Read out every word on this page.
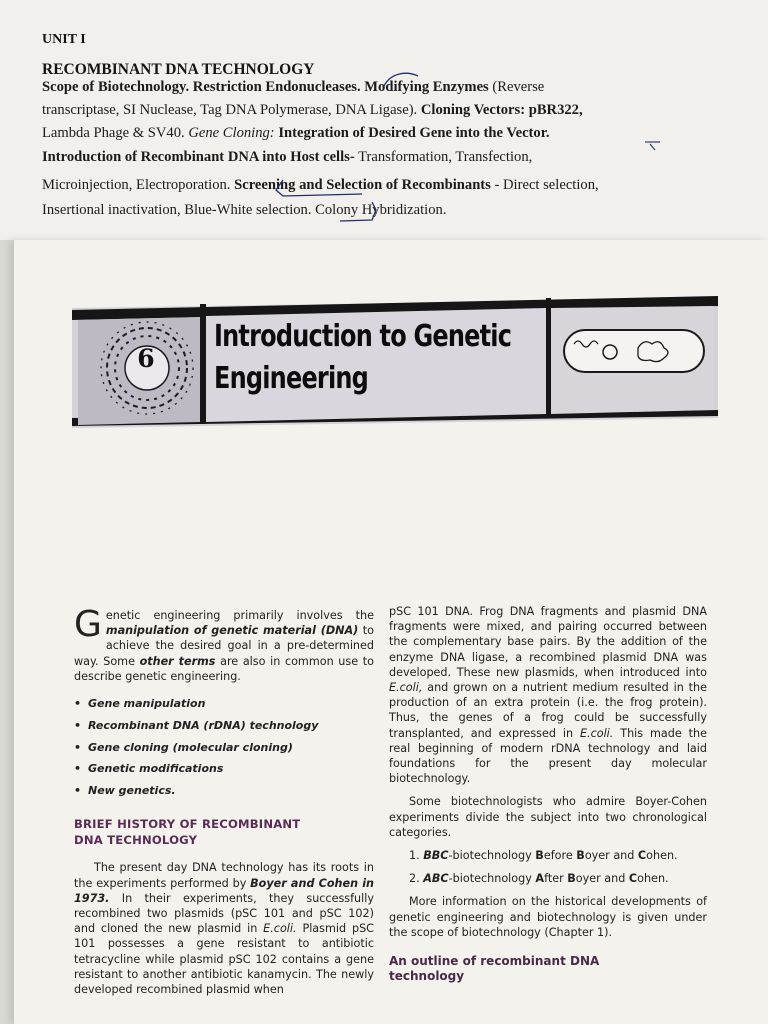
UNIT I
RECOMBINANT DNA TECHNOLOGY
Scope of Biotechnology. Restriction Endonucleases. Modifying Enzymes (Reverse
transcriptase, SI Nuclease, Tag DNA Polymerase, DNA Ligase). Cloning Vectors: pBR322,
Lambda Phage & SV40. Gene Cloning: Integration of Desired Gene into the Vector.
Introduction of Recombinant DNA into Host cells- Transformation, Transfection,
Microinjection, Electroporation. Screening and Selection of Recombinants - Direct selection,
Insertional inactivation, Blue-White selection. Colony Hybridization.
6
Introduction to Genetic
Engineering

G enetic engineering primarily involves the manipulation of genetic material (DNA) to achieve the desired goal in a pre-determined way. Some other terms are also in common use to describe genetic engineering.

• Gene manipulation
• Recombinant DNA (rDNA) technology
• Gene cloning (molecular cloning)
• Genetic modifications
• New genetics.
BRIEF HISTORY OF RECOMBINANT
DNA TECHNOLOGY

The present day DNA technology has its roots in the experiments performed by Boyer and Cohen in 1973. In their experiments, they successfully recombined two plasmids (pSC 101 and pSC 102) and cloned the new plasmid in E.coli. Plasmid pSC 101 possesses a gene resistant to antibiotic tetracycline while plasmid pSC 102 contains a gene resistant to another antibiotic kanamycin. The newly developed recombined plasmid when

pSC 101 DNA. Frog DNA fragments and plasmid DNA fragments were mixed, and pairing occurred between the complementary base pairs. By the addition of the enzyme DNA ligase, a recombined plasmid DNA was developed. These new plasmids, when introduced into E.coli, and grown on a nutrient medium resulted in the production of an extra protein (i.e. the frog protein). Thus, the genes of a frog could be successfully transplanted, and expressed in E.coli. This made the real beginning of modern rDNA technology and laid foundations for the present day molecular biotechnology.

Some biotechnologists who admire Boyer-Cohen experiments divide the subject into two chronological categories.

1. BBC-biotechnology Before Boyer and Cohen.
2. ABC-biotechnology After Boyer and Cohen.

More information on the historical developments of genetic engineering and biotechnology is given under the scope of biotechnology (Chapter 1).

An outline of recombinant DNA
technology
